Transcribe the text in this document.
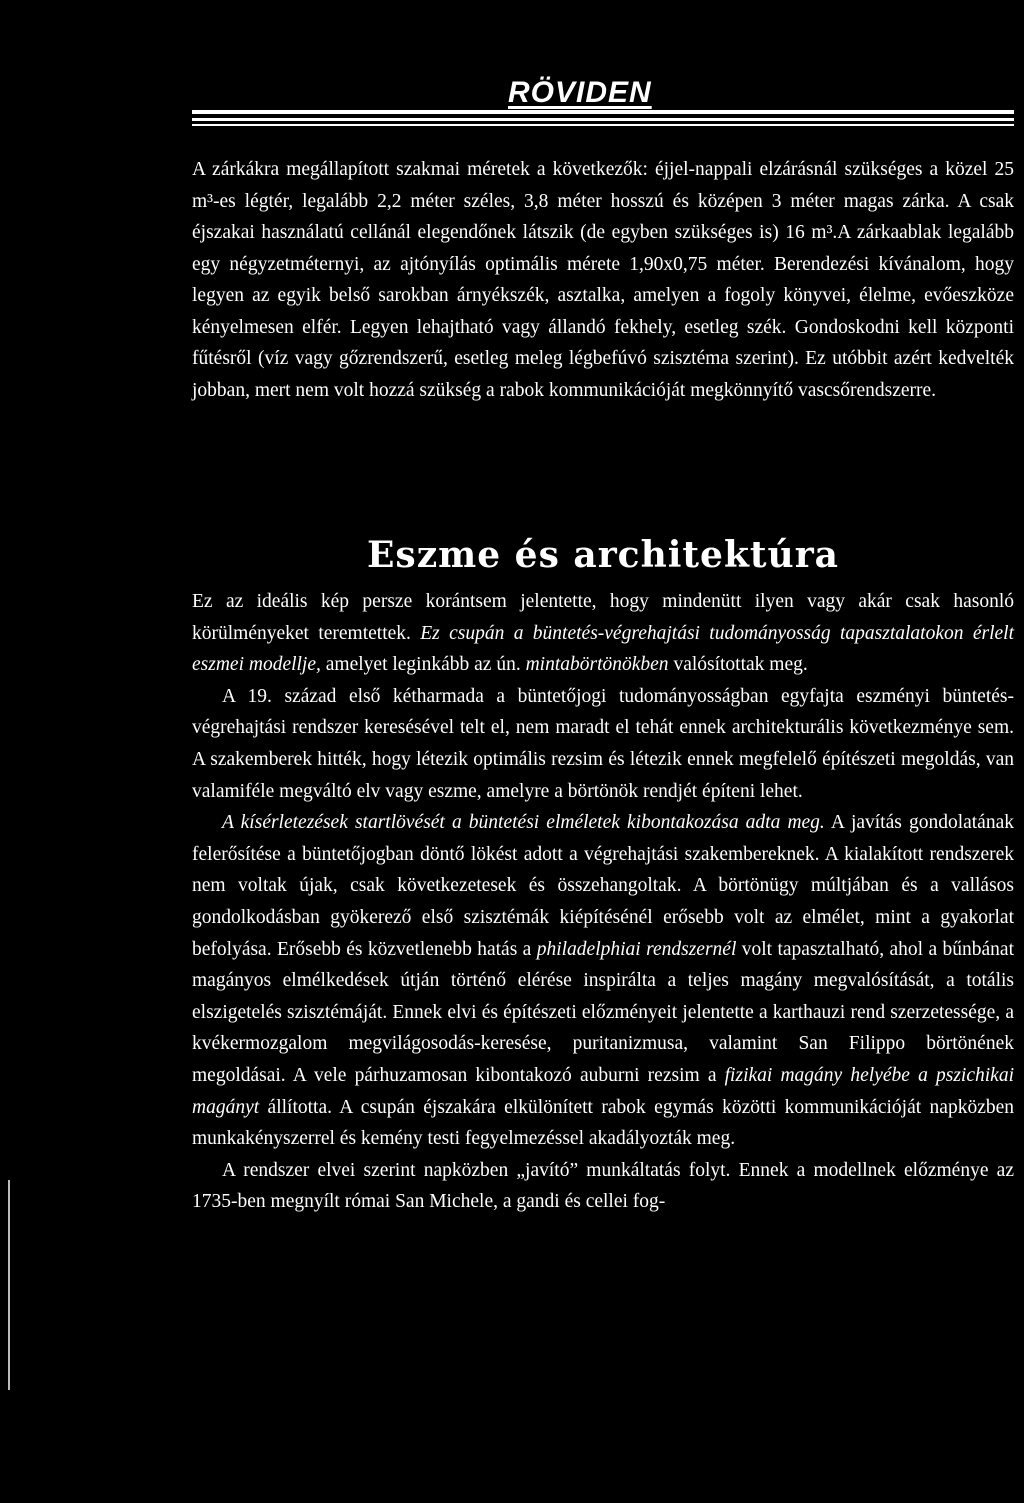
RÖVIDEN

A zárkákra megállapított szakmai méretek a következők: éjjel-nappali elzárásnál szükséges a közel 25 m³-es légtér, legalább 2,2 méter széles, 3,8 méter hosszú és középen 3 méter magas zárka. A csak éjszakai használatú cellánál elegendőnek látszik (de egyben szükséges is) 16 m³.A zárkaablak legalább egy négyzetméternyi, az ajtónyílás optimális mérete 1,90x0,75 méter. Berendezési kívánalom, hogy legyen az egyik belső sarokban árnyékszék, asztalka, amelyen a fogoly könyvei, élelme, evőeszköze kényelmesen elfér. Legyen lehajtható vagy állandó fekhely, esetleg szék. Gondoskodni kell központi fűtésről (víz vagy gőzrendszerű, esetleg meleg légbefúvó szisztéma szerint). Ez utóbbit azért kedvelték jobban, mert nem volt hozzá szükség a rabok kommunikációját megkönnyítő vascsőrendszerre.

Eszme és architektúra

Ez az ideális kép persze korántsem jelentette, hogy mindenütt ilyen vagy akár csak hasonló körülményeket teremtettek. Ez csupán a büntetés-végrehajtási tudományosság tapasztalatokon érlelt eszmei modellje, amelyet leginkább az ún. mintabörtönökben valósítottak meg.

A 19. század első kétharmada a büntetőjogi tudományosságban egyfajta eszményi büntetés-végrehajtási rendszer keresésével telt el, nem maradt el tehát ennek architekturális következménye sem. A szakemberek hitték, hogy létezik optimális rezsim és létezik ennek megfelelő építészeti megoldás, van valamiféle megváltó elv vagy eszme, amelyre a börtönök rendjét építeni lehet.

A kísérletezések startlövését a büntetési elméletek kibontakozása adta meg. A javítás gondolatának felerősítése a büntetőjogban döntő lökést adott a végrehajtási szakembereknek. A kialakított rendszerek nem voltak újak, csak következetesek és összehangoltak. A börtönügy múltjában és a vallásos gondolkodásban gyökerező első szisztémák kiépítésénél erősebb volt az elmélet, mint a gyakorlat befolyása. Erősebb és közvetlenebb hatás a philadelphiai rendszernél volt tapasztalható, ahol a bűnbánat magányos elmélkedések útján történő elérése inspirálta a teljes magány megvalósítását, a totális elszigetelés szisztémáját. Ennek elvi és építészeti előzményeit jelentette a karthauzi rend szerzetessége, a kvékermozgalom megvilágosodás-keresése, puritanizmusa, valamint San Filippo börtönének megoldásai. A vele párhuzamosan kibontakozó auburni rezsim a fizikai magány helyébe a pszichikai magányt állította. A csupán éjszakára elkülönített rabok egymás közötti kommunikációját napközben munkakényszerrel és kemény testi fegyelmezéssel akadályozták meg.

A rendszer elvei szerint napközben „javító” munkáltatás folyt. Ennek a modellnek előzménye az 1735-ben megnyílt római San Michele, a gandi és cellei fog-
